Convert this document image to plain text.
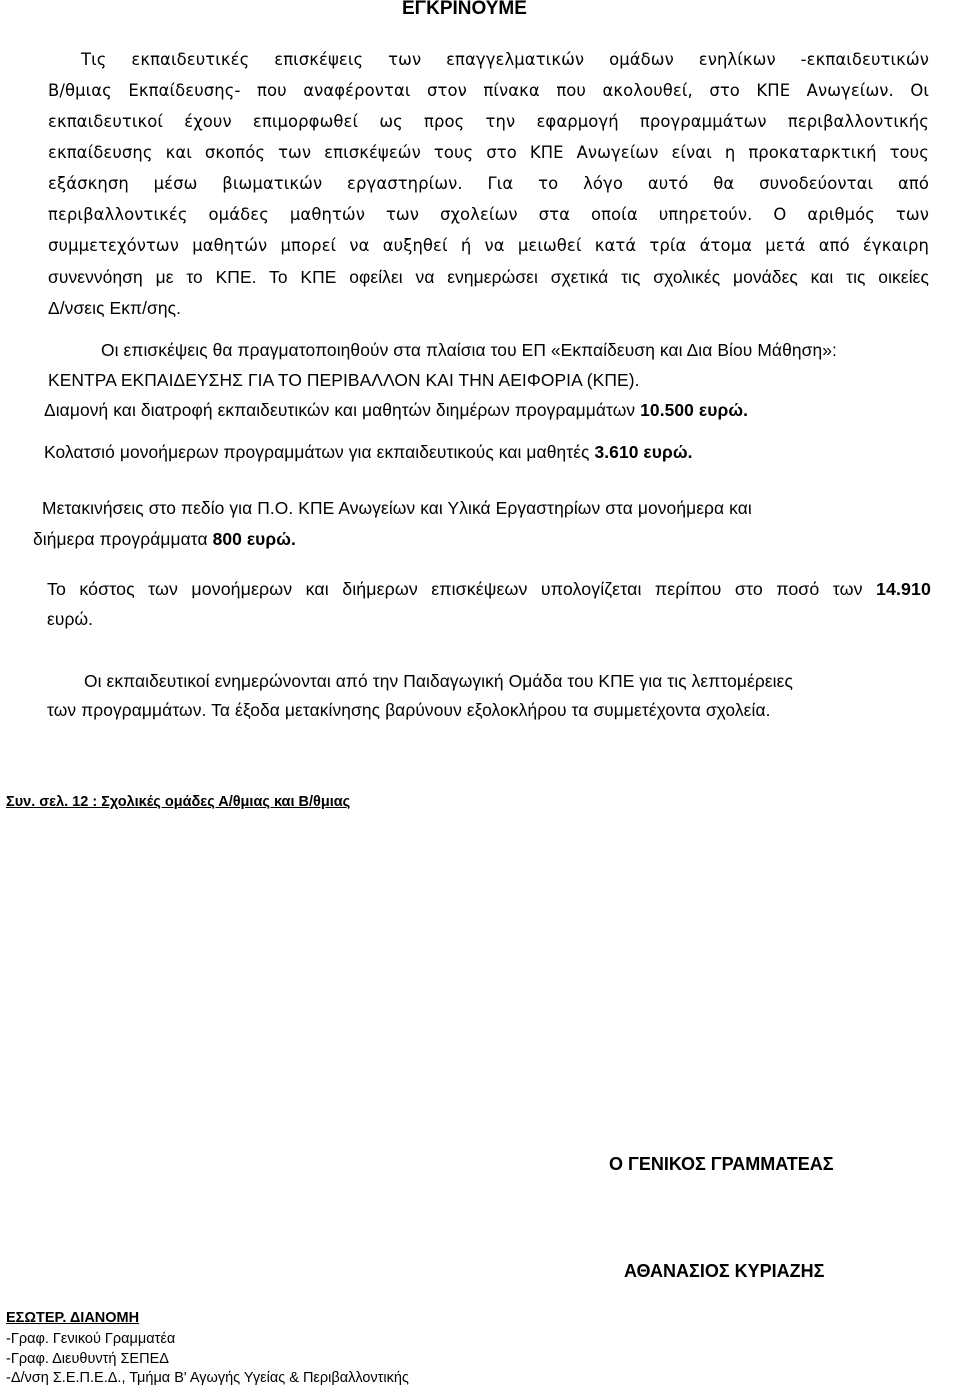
ΕΓΚΡΙΝΟΥΜΕ
Τις εκπαιδευτικές επισκέψεις των επαγγελματικών ομάδων ενηλίκων -εκπαιδευτικών
Β/θμιας Εκπαίδευσης- που αναφέρονται στον πίνακα που ακολουθεί, στο ΚΠΕ Ανωγείων. Οι
εκπαιδευτικοί έχουν επιμορφωθεί ως προς την εφαρμογή προγραμμάτων περιβαλλοντικής
εκπαίδευσης και σκοπός των επισκέψεών τους στο ΚΠΕ Ανωγείων είναι η προκαταρκτική τους
εξάσκηση μέσω βιωματικών εργαστηρίων. Για το λόγο αυτό θα συνοδεύονται από
περιβαλλοντικές ομάδες μαθητών των σχολείων στα οποία υπηρετούν. Ο αριθμός των
συμμετεχόντων μαθητών μπορεί να αυξηθεί ή να μειωθεί κατά τρία άτομα μετά από έγκαιρη
συνεννόηση με το ΚΠΕ. Το ΚΠΕ οφείλει να ενημερώσει σχετικά τις σχολικές μονάδες και τις οικείες
Δ/νσεις Εκπ/σης.
Οι επισκέψεις θα πραγματοποιηθούν στα πλαίσια του ΕΠ «Εκπαίδευση και Δια Βίου Μάθηση»:
ΚΕΝΤΡΑ ΕΚΠΑΙΔΕΥΣΗΣ ΓΙΑ ΤΟ ΠΕΡΙΒΑΛΛΟΝ ΚΑΙ ΤΗΝ ΑΕΙΦΟΡΙΑ (ΚΠΕ).
Διαμονή και διατροφή εκπαιδευτικών και μαθητών διημέρων προγραμμάτων 10.500 ευρώ.
Κολατσιό μονοήμερων προγραμμάτων για εκπαιδευτικούς και μαθητές 3.610 ευρώ.
Μετακινήσεις στο πεδίο για Π.Ο. ΚΠΕ Ανωγείων και Υλικά Εργαστηρίων στα μονοήμερα και
διήμερα προγράμματα 800 ευρώ.
Το κόστος των μονοήμερων και διήμερων επισκέψεων υπολογίζεται περίπου στο ποσό των 14.910
ευρώ.
Οι εκπαιδευτικοί ενημερώνονται από την Παιδαγωγική Ομάδα του ΚΠΕ για τις λεπτομέρειες
των προγραμμάτων. Τα έξοδα μετακίνησης βαρύνουν εξολοκλήρου τα συμμετέχοντα σχολεία.
Συν. σελ. 12 : Σχολικές ομάδες Α/θμιας και Β/θμιας
Ο ΓΕΝΙΚΟΣ ΓΡΑΜΜΑΤΕΑΣ
ΑΘΑΝΑΣΙΟΣ ΚΥΡΙΑΖΗΣ
ΕΣΩΤΕΡ. ΔΙΑΝΟΜΗ
-Γραφ. Γενικού Γραμματέα
-Γραφ. Διευθυντή ΣΕΠΕΔ
-Δ/νση Σ.Ε.Π.Ε.Δ., Τμήμα Β' Αγωγής Υγείας & Περιβαλλοντικής
